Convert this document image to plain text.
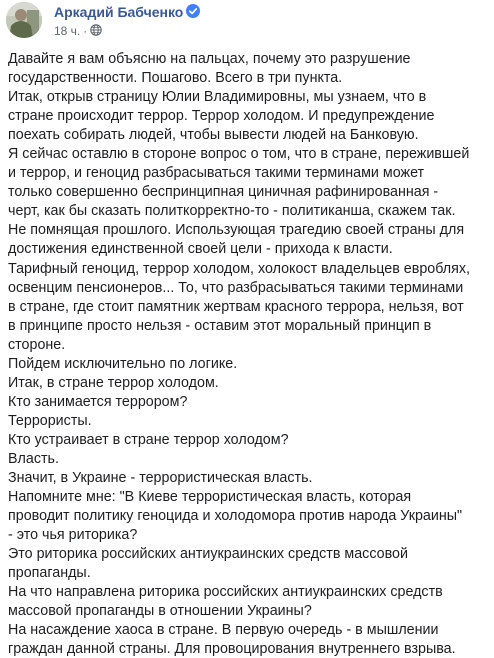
Аркадий Бабченко
18 ч. ·

Давайте я вам объясню на пальцах, почему это разрушение

государственности. Пошагово. Всего в три пункта.

Итак, открыв страницу Юлии Владимировны, мы узнаем, что в

стране происходит террор. Террор холодом. И предупреждение

поехать собирать людей, чтобы вывести людей на Банковую.

Я сейчас оставлю в стороне вопрос о том, что в стране, пережившей

и террор, и геноцид разбрасываться такими терминами может

только совершенно беспринципная циничная рафинированная -

черт, как бы сказать политкорректно-то - политиканша, скажем так.

Не помнящая прошлого. Использующая трагедию своей страны для

достижения единственной своей цели - прихода к власти.

Тарифный геноцид, террор холодом, холокост владельцев евроблях,

освенцим пенсионеров... То, что разбрасываться такими терминами

в стране, где стоит памятник жертвам красного террора, нельзя, вот

в принципе просто нельзя - оставим этот моральный принцип в

стороне.

Пойдем исключительно по логике.

Итак, в стране террор холодом.

Кто занимается террором?

Террористы.

Кто устраивает в стране террор холодом?

Власть.

Значит, в Украине - террористическая власть.

Напомните мне: "В Киеве террористическая власть, которая

проводит политику геноцида и холодомора против народа Украины"

- это чья риторика?

Это риторика российских антиукраинских средств массовой

пропаганды.

На что направлена риторика российских антиукраинских средств

массовой пропаганды в отношении Украины?

На насаждение хаоса в стране. В первую очередь - в мышлении

граждан данной страны. Для провоцирования внутреннего взрыва.
